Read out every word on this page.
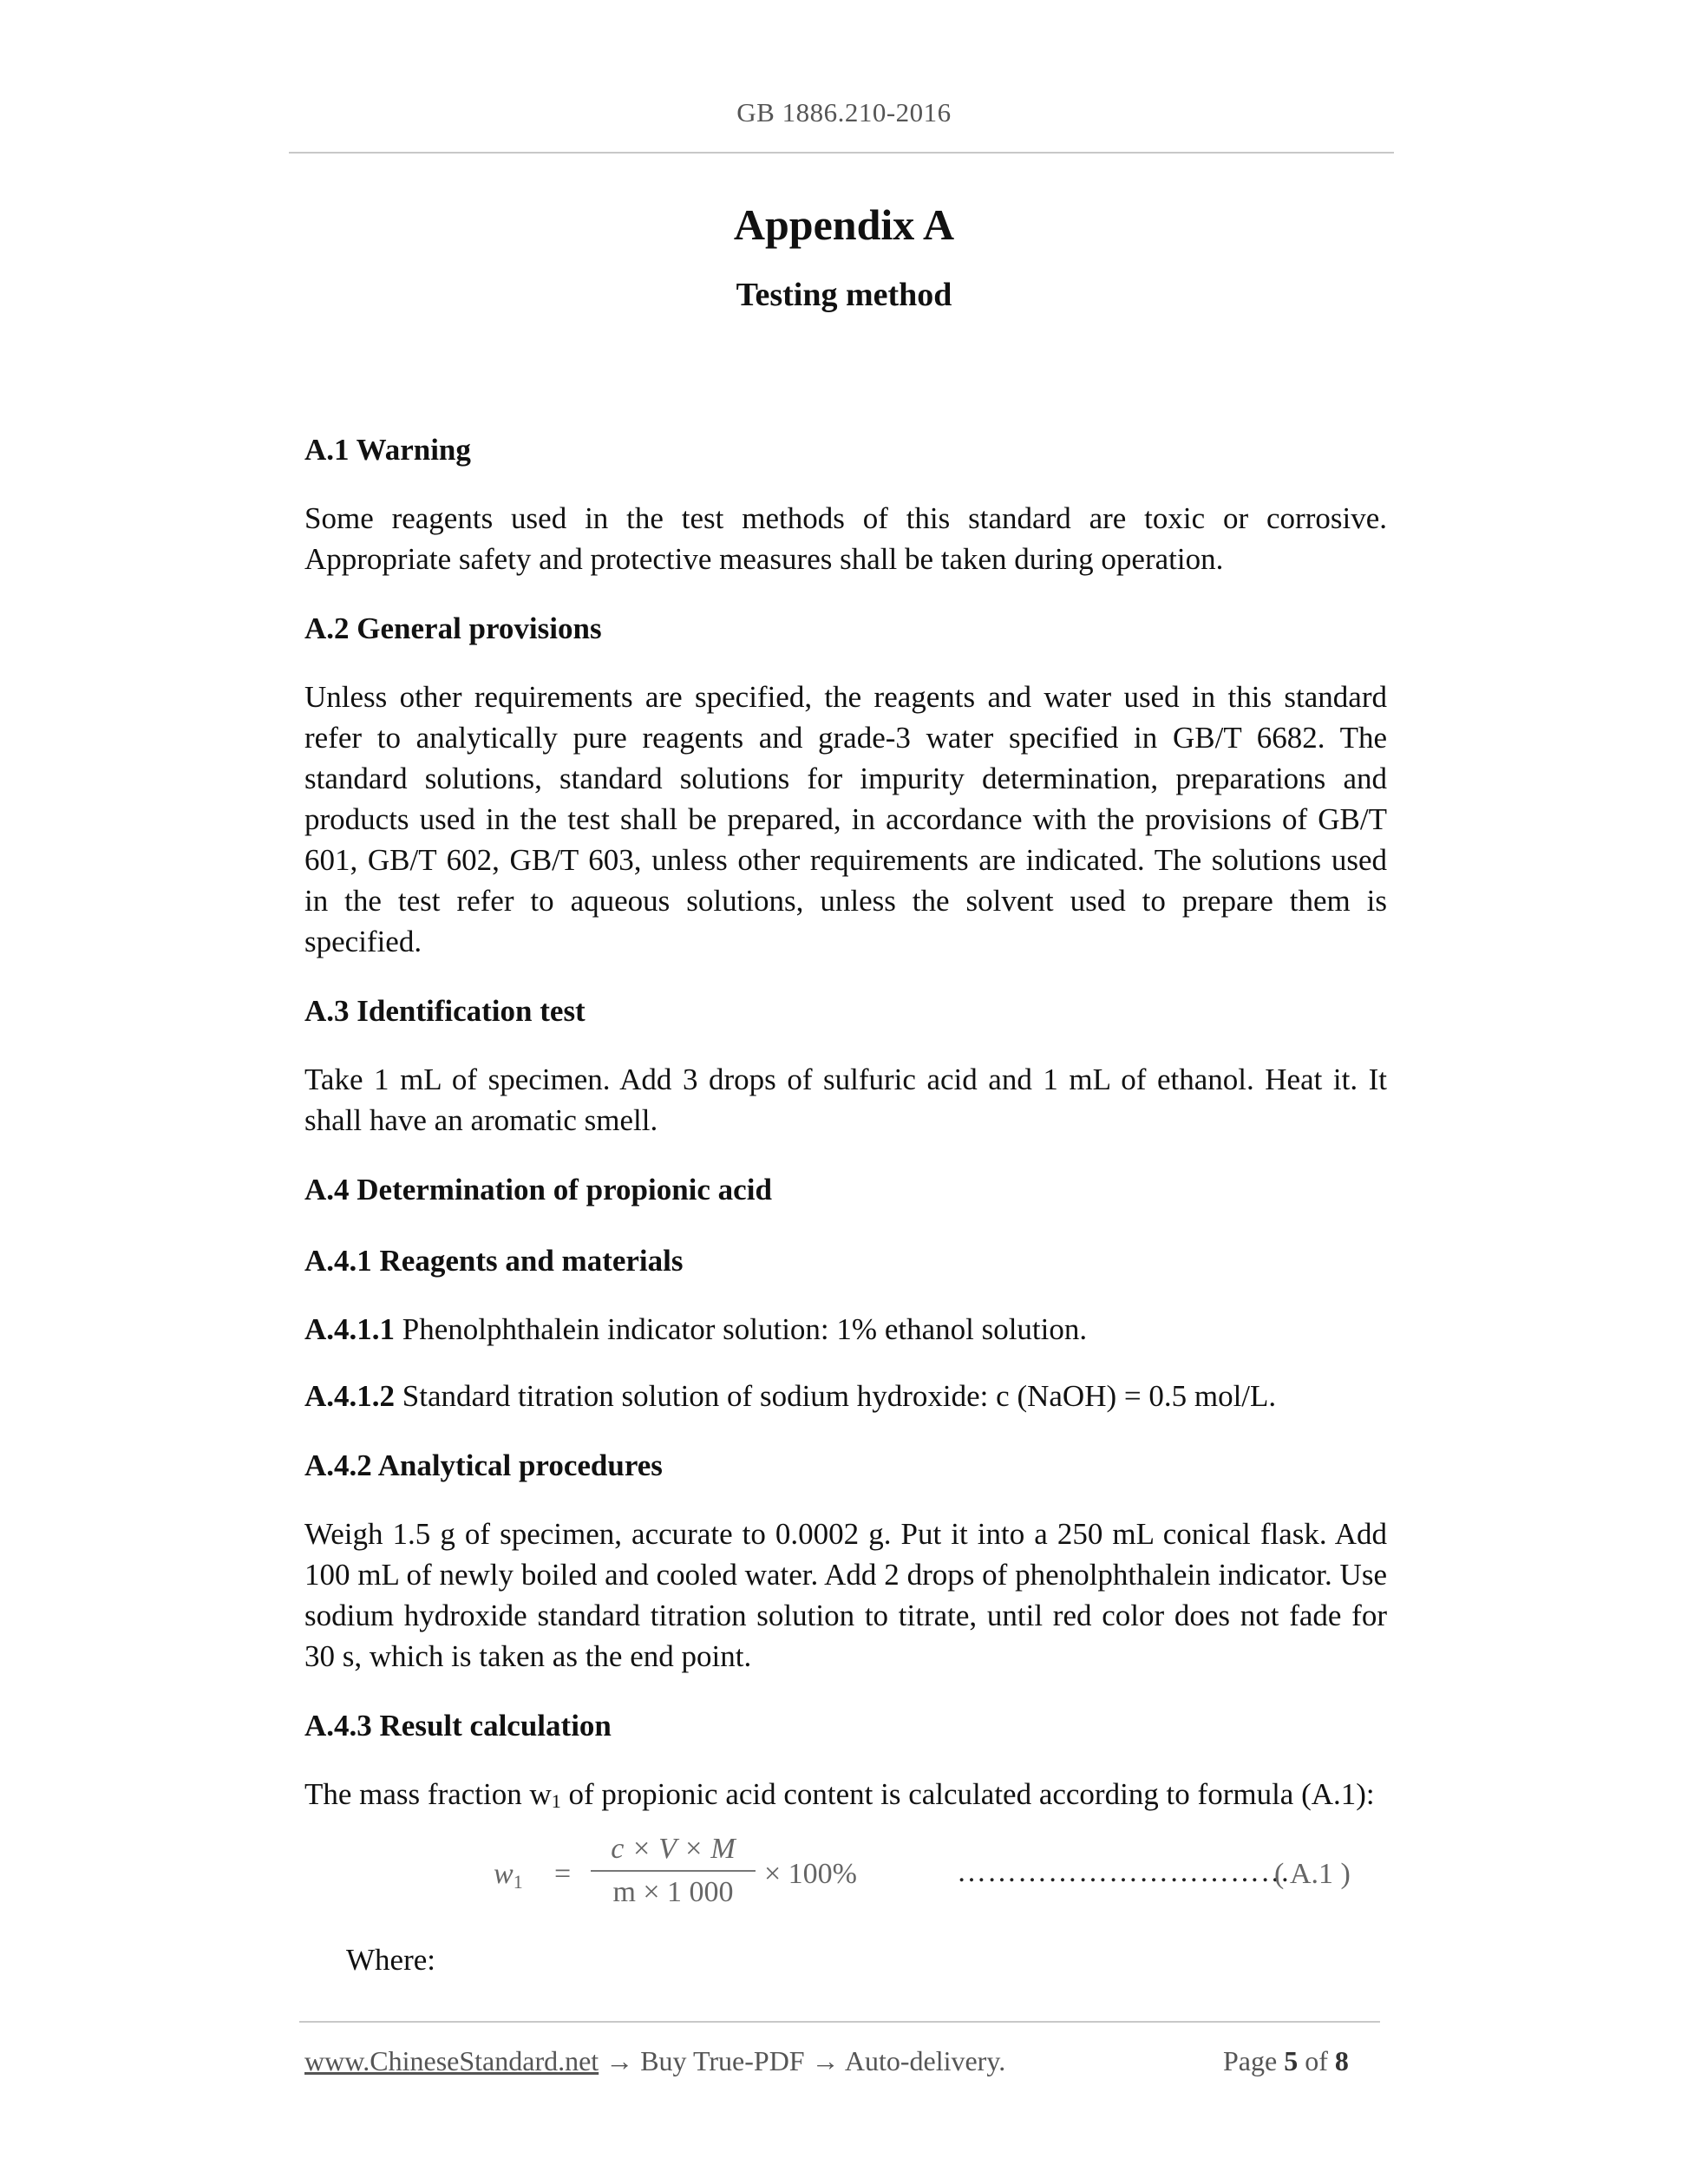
GB 1886.210-2016
Appendix A
Testing method

A.1 Warning

Some reagents used in the test methods of this standard are toxic or corrosive. Appropriate safety and protective measures shall be taken during operation.

A.2 General provisions

Unless other requirements are specified, the reagents and water used in this standard refer to analytically pure reagents and grade-3 water specified in GB/T 6682. The standard solutions, standard solutions for impurity determination, preparations and products used in the test shall be prepared, in accordance with the provisions of GB/T 601, GB/T 602, GB/T 603, unless other requirements are indicated. The solutions used in the test refer to aqueous solutions, unless the solvent used to prepare them is specified.

A.3 Identification test

Take 1 mL of specimen. Add 3 drops of sulfuric acid and 1 mL of ethanol. Heat it. It shall have an aromatic smell.

A.4 Determination of propionic acid

A.4.1 Reagents and materials

A.4.1.1 Phenolphthalein indicator solution: 1% ethanol solution.

A.4.1.2 Standard titration solution of sodium hydroxide: c (NaOH) = 0.5 mol/L.

A.4.2 Analytical procedures

Weigh 1.5 g of specimen, accurate to 0.0002 g. Put it into a 250 mL conical flask. Add 100 mL of newly boiled and cooled water. Add 2 drops of phenolphthalein indicator. Use sodium hydroxide standard titration solution to titrate, until red color does not fade for 30 s, which is taken as the end point.

A.4.3 Result calculation

The mass fraction $w_1$ of propionic acid content is calculated according to formula (A.1):

$w_1$ =
c × V × M
m × 1 000
× 100%	……………………………
( A.1 )
Where:
www.ChineseStandard.net → Buy True-PDF → Auto-delivery.	Page 5 of 8
